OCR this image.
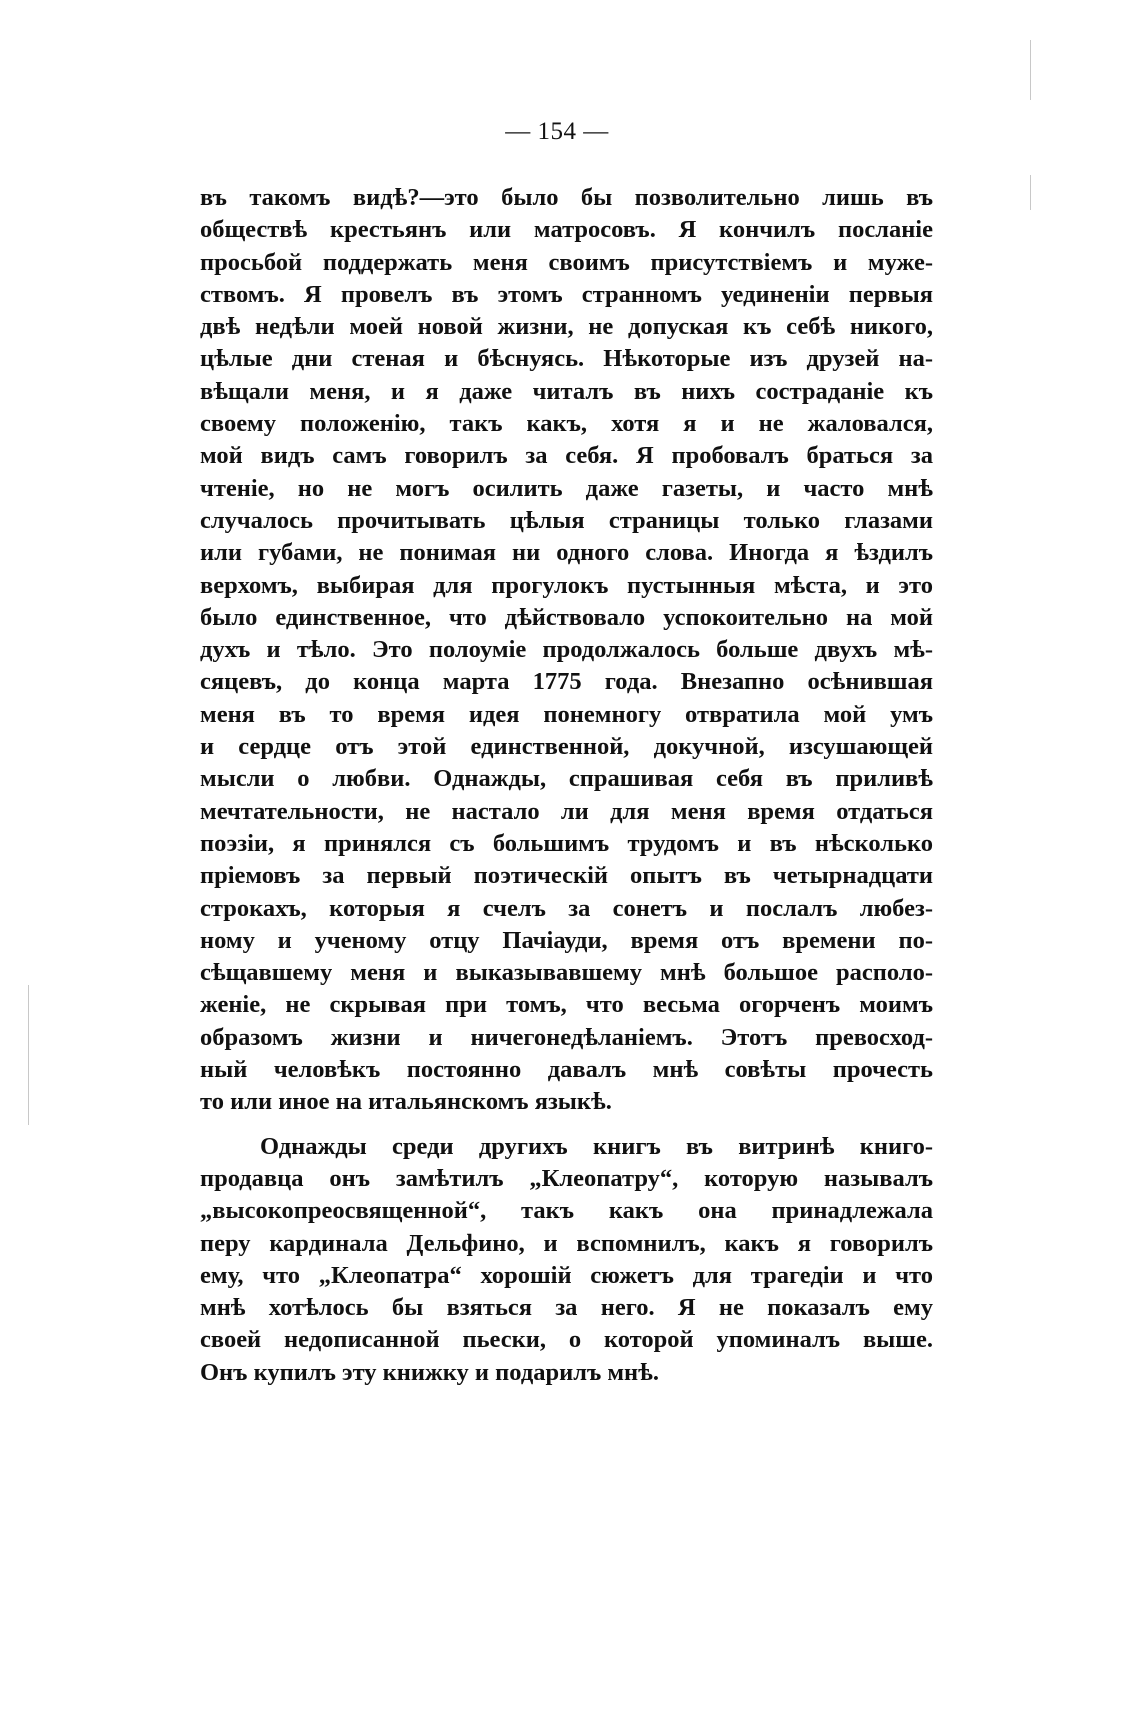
— 154 —
въ такомъ видѣ?—это было бы позволительно лишь въ
обществѣ крестьянъ или матросовъ. Я кончилъ посланіе
просьбой поддержать меня своимъ присутствіемъ и муже-
ствомъ. Я провелъ въ этомъ странномъ уединеніи первыя
двѣ недѣли моей новой жизни, не допуская къ себѣ никого,
цѣлые дни стеная и бѣснуясь. Нѣкоторые изъ друзей на-
вѣщали меня, и я даже читалъ въ нихъ состраданіе къ
своему положенію, такъ какъ, хотя я и не жаловался,
мой видъ самъ говорилъ за себя. Я пробовалъ браться за
чтеніе, но не могъ осилить даже газеты, и часто мнѣ
случалось прочитывать цѣлыя страницы только глазами
или губами, не понимая ни одного слова. Иногда я ѣздилъ
верхомъ, выбирая для прогулокъ пустынныя мѣста, и это
было единственное, что дѣйствовало успокоительно на мой
духъ и тѣло. Это полоуміе продолжалось больше двухъ мѣ-
сяцевъ, до конца марта 1775 года. Внезапно осѣнившая
меня въ то время идея понемногу отвратила мой умъ
и сердце отъ этой единственной, докучной, изсушающей
мысли о любви. Однажды, спрашивая себя въ приливѣ
мечтательности, не настало ли для меня время отдаться
поэзіи, я принялся съ большимъ трудомъ и въ нѣсколько
пріемовъ за первый поэтическій опытъ въ четырнадцати
строкахъ, которыя я счелъ за сонетъ и послалъ любез-
ному и ученому отцу Пачіауди, время отъ времени по-
сѣщавшему меня и выказывавшему мнѣ большое располо-
женіе, не скрывая при томъ, что весьма огорченъ моимъ
образомъ жизни и ничегонедѣланіемъ. Этотъ превосход-
ный человѣкъ постоянно давалъ мнѣ совѣты прочесть
то или иное на итальянскомъ языкѣ.
Однажды среди другихъ книгъ въ витринѣ книго-
продавца онъ замѣтилъ „Клеопатру“, которую называлъ
„высокопреосвященной“, такъ какъ она принадлежала
перу кардинала Дельфино, и вспомнилъ, какъ я говорилъ
ему, что „Клеопатра“ хорошій сюжетъ для трагедіи и что
мнѣ хотѣлось бы взяться за него. Я не показалъ ему
своей недописанной пьески, о которой упоминалъ выше.
Онъ купилъ эту книжку и подарилъ мнѣ.
